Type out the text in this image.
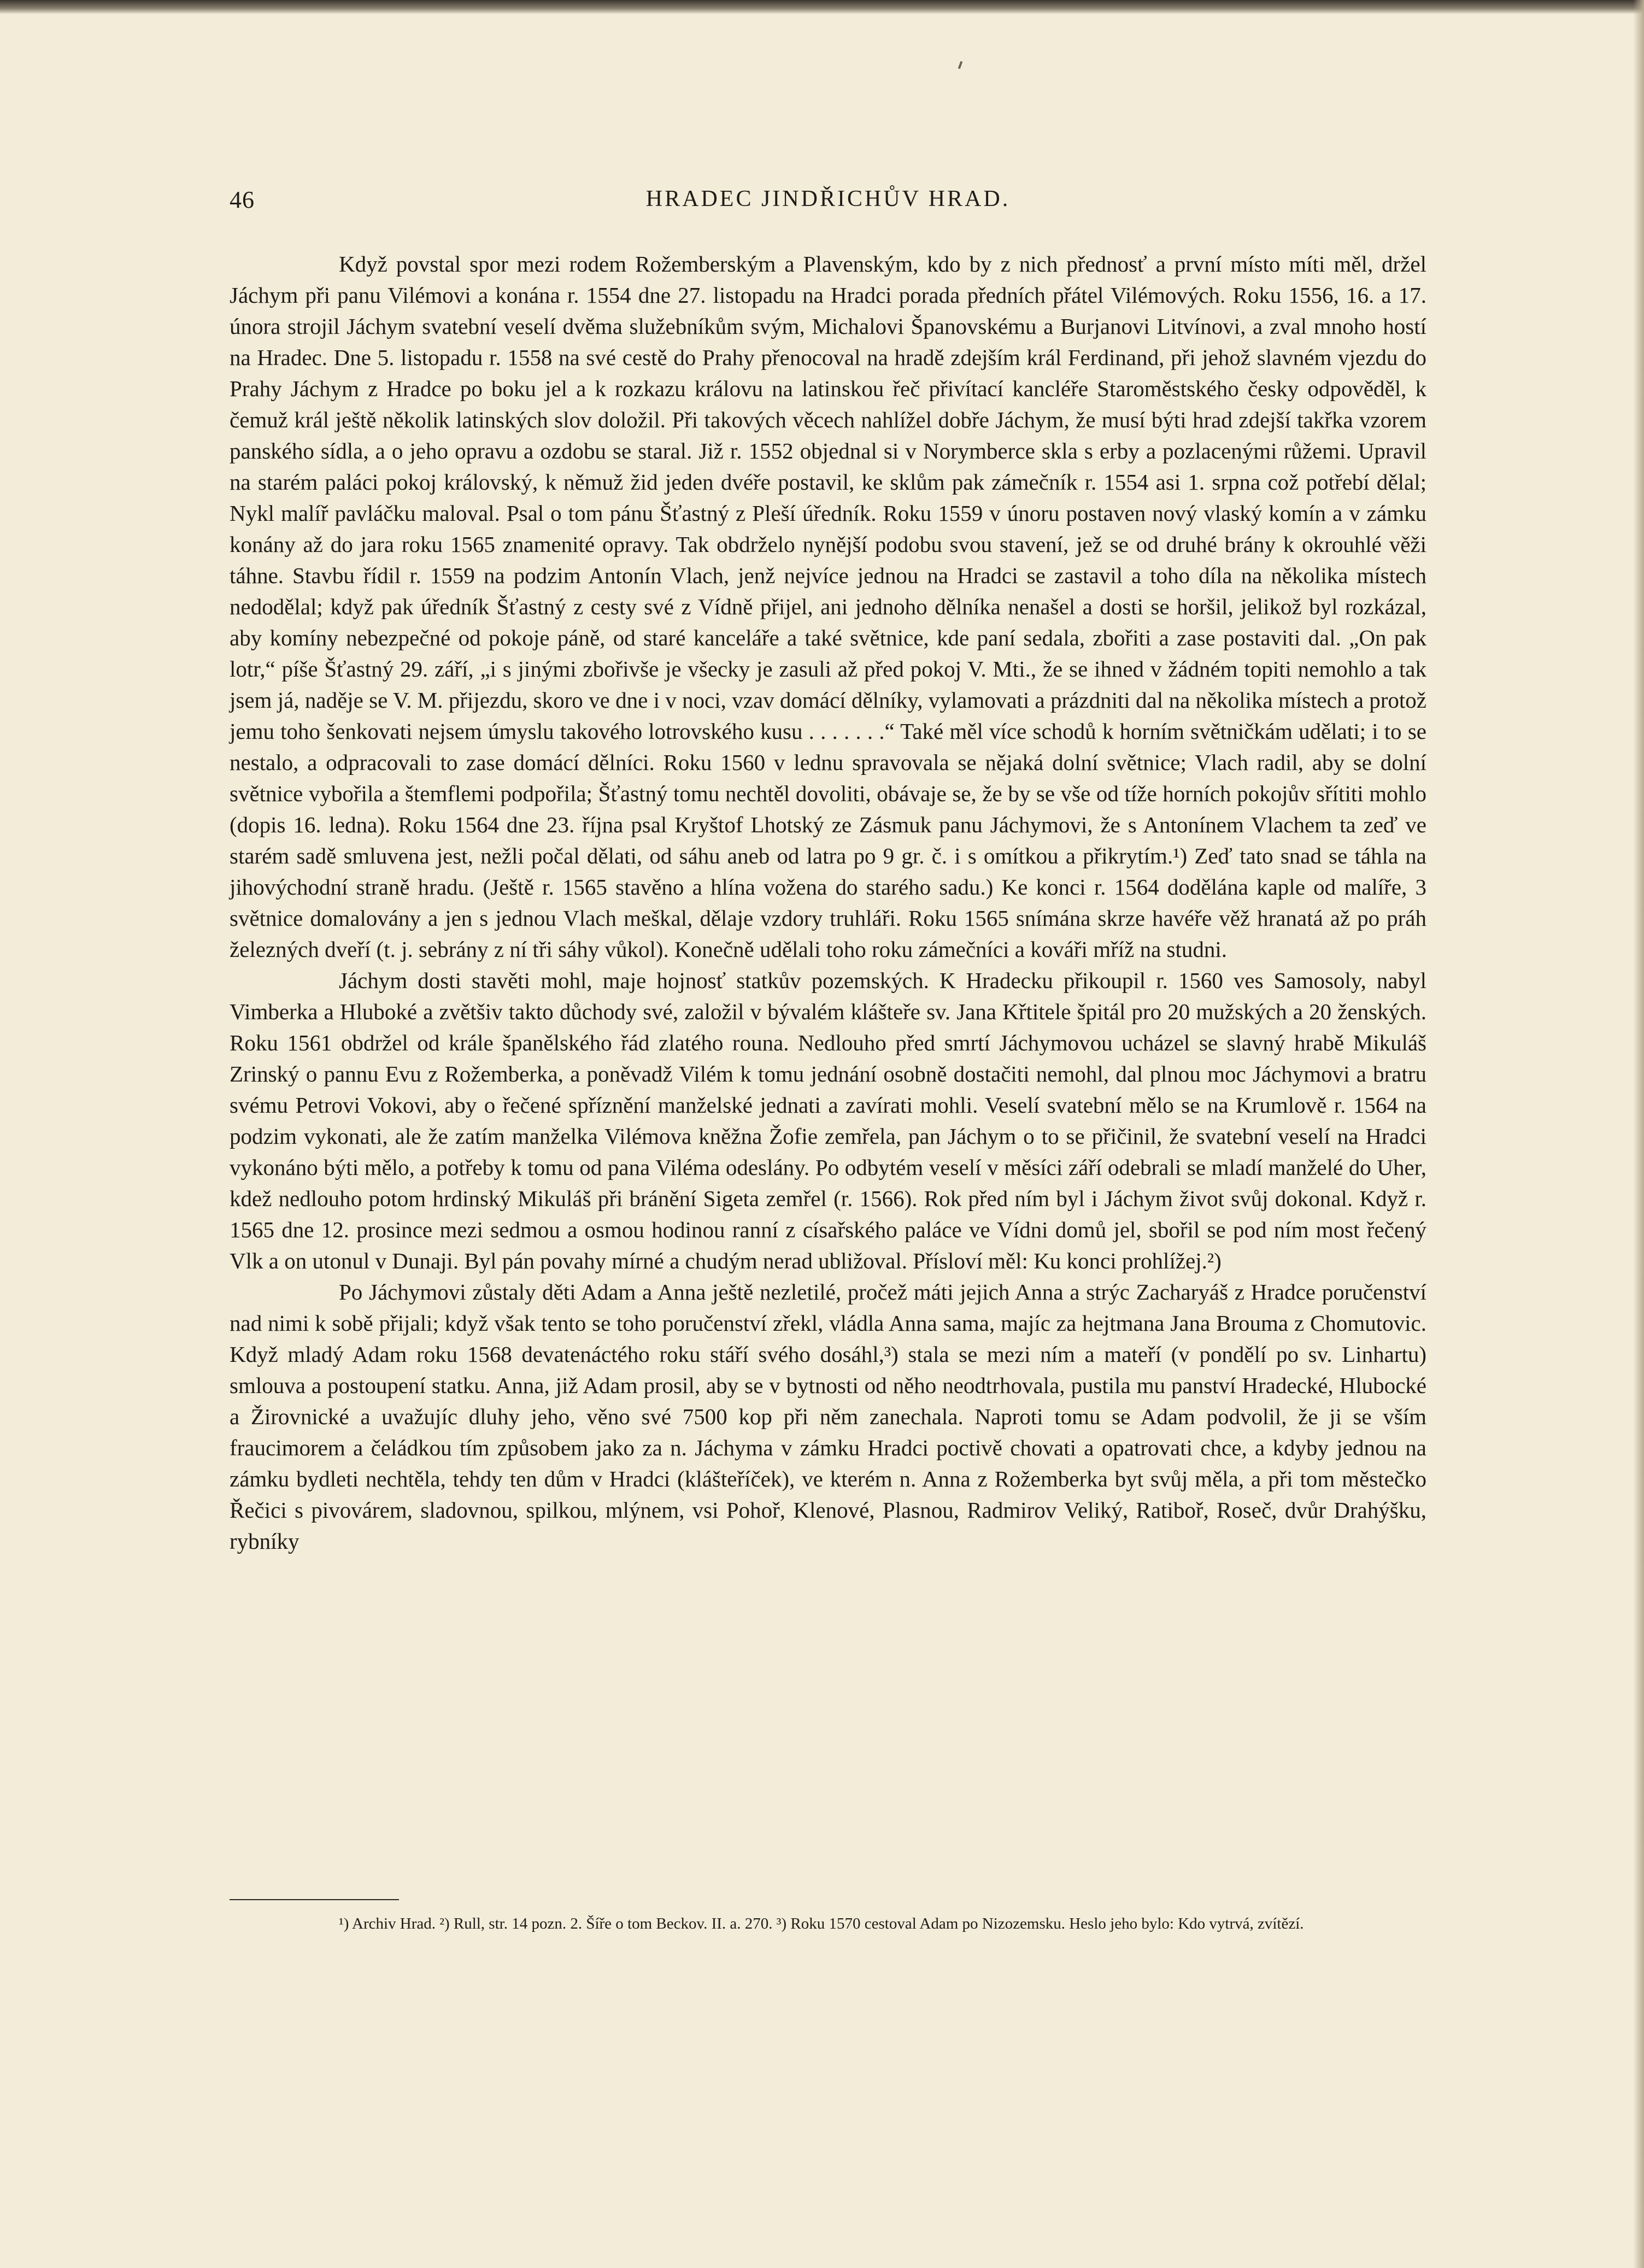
46	HRADEC JINDŘICHŮV HRAD.

Když povstal spor mezi rodem Rožemberským a Plavenským, kdo by z nich přednosť a první místo míti měl, držel Jáchym při panu Vilémovi a konána r. 1554 dne 27. listopadu na Hradci porada předních přátel Vilémových. Roku 1556, 16. a 17. února strojil Jáchym svatební veselí dvěma služebníkům svým, Michalovi Španovskému a Burjanovi Litvínovi, a zval mnoho hostí na Hradec. Dne 5. listopadu r. 1558 na své cestě do Prahy přenocoval na hradě zdejším král Ferdinand, při jehož slavném vjezdu do Prahy Jáchym z Hradce po boku jel a k rozkazu královu na latinskou řeč přivítací kancléře Staroměstského česky odpověděl, k čemuž král ještě několik latinských slov doložil. Při takových věcech nahlížel dobře Jáchym, že musí býti hrad zdejší takřka vzorem panského sídla, a o jeho opravu a ozdobu se staral. Již r. 1552 objednal si v Norymberce skla s erby a pozlacenými růžemi. Upravil na starém paláci pokoj královský, k němuž žid jeden dvéře postavil, ke sklům pak zámečník r. 1554 asi 1. srpna což potřebí dělal; Nykl malíř pavláčku maloval. Psal o tom pánu Šťastný z Pleší úředník. Roku 1559 v únoru postaven nový vlaský komín a v zámku konány až do jara roku 1565 znamenité opravy. Tak obdrželo nynější podobu svou stavení, jež se od druhé brány k okrouhlé věži táhne. Stavbu řídil r. 1559 na podzim Antonín Vlach, jenž nejvíce jednou na Hradci se zastavil a toho díla na několika místech nedodělal; když pak úředník Šťastný z cesty své z Vídně přijel, ani jednoho dělníka nenašel a dosti se horšil, jelikož byl rozkázal, aby komíny nebezpečné od pokoje páně, od staré kanceláře a také světnice, kde paní sedala, zbořiti a zase postaviti dal. „On pak lotr,“ píše Šťastný 29. září, „i s jinými zbořivše je všecky je zasuli až před pokoj V. Mti., že se ihned v žádném topiti nemohlo a tak jsem já, naděje se V. M. přijezdu, skoro ve dne i v noci, vzav domácí dělníky, vylamovati a prázdniti dal na několika místech a protož jemu toho šenkovati nejsem úmyslu takového lotrovského kusu . . . . . . .“ Také měl více schodů k horním světničkám udělati; i to se nestalo, a odpracovali to zase domácí dělníci. Roku 1560 v lednu spravovala se nějaká dolní světnice; Vlach radil, aby se dolní světnice vybořila a štemflemi podpořila; Šťastný tomu nechtěl dovoliti, obávaje se, že by se vše od tíže horních pokojův sřítiti mohlo (dopis 16. ledna). Roku 1564 dne 23. října psal Kryštof Lhotský ze Zásmuk panu Jáchymovi, že s Antonínem Vlachem ta zeď ve starém sadě smluvena jest, nežli počal dělati, od sáhu aneb od latra po 9 gr. č. i s omítkou a přikrytím.¹) Zeď tato snad se táhla na jihovýchodní straně hradu. (Ještě r. 1565 stavěno a hlína vožena do starého sadu.) Ke konci r. 1564 dodělána kaple od malíře, 3 světnice domalovány a jen s jednou Vlach meškal, dělaje vzdory truhláři. Roku 1565 snímána skrze havéře věž hranatá až po práh železných dveří (t. j. sebrány z ní tři sáhy vůkol). Konečně udělali toho roku zámečníci a kováři mříž na studni.

Jáchym dosti stavěti mohl, maje hojnosť statkův pozemských. K Hradecku přikoupil r. 1560 ves Samosoly, nabyl Vimberka a Hluboké a zvětšiv takto důchody své, založil v bývalém klášteře sv. Jana Křtitele špitál pro 20 mužských a 20 ženských. Roku 1561 obdržel od krále španělského řád zlatého rouna. Nedlouho před smrtí Jáchymovou ucházel se slavný hrabě Mikuláš Zrinský o pannu Evu z Rožemberka, a poněvadž Vilém k tomu jednání osobně dostačiti nemohl, dal plnou moc Jáchymovi a bratru svému Petrovi Vokovi, aby o řečené spříznění manželské jednati a zavírati mohli. Veselí svatební mělo se na Krumlově r. 1564 na podzim vykonati, ale že zatím manželka Vilémova kněžna Žofie zemřela, pan Jáchym o to se přičinil, že svatební veselí na Hradci vykonáno býti mělo, a potřeby k tomu od pana Viléma odeslány. Po odbytém veselí v měsíci září odebrali se mladí manželé do Uher, kdež nedlouho potom hrdinský Mikuláš při bránění Sigeta zemřel (r. 1566). Rok před ním byl i Jáchym život svůj dokonal. Když r. 1565 dne 12. prosince mezi sedmou a osmou hodinou ranní z císařského paláce ve Vídni domů jel, sbořil se pod ním most řečený Vlk a on utonul v Dunaji. Byl pán povahy mírné a chudým nerad ubližoval. Přísloví měl: Ku konci prohlížej.²)

Po Jáchymovi zůstaly děti Adam a Anna ještě nezletilé, pročež máti jejich Anna a strýc Zacharyáš z Hradce poručenství nad nimi k sobě přijali; když však tento se toho poručenství zřekl, vládla Anna sama, majíc za hejtmana Jana Brouma z Chomutovic. Když mladý Adam roku 1568 devatenáctého roku stáří svého dosáhl,³) stala se mezi ním a mateří (v pondělí po sv. Linhartu) smlouva a postoupení statku. Anna, již Adam prosil, aby se v bytnosti od něho neodtrhovala, pustila mu panství Hradecké, Hlubocké a Žirovnické a uvažujíc dluhy jeho, věno své 7500 kop při něm zanechala. Naproti tomu se Adam podvolil, že ji se vším fraucimorem a čeládkou tím způsobem jako za n. Jáchyma v zámku Hradci poctivě chovati a opatrovati chce, a kdyby jednou na zámku bydleti nechtěla, tehdy ten dům v Hradci (klášteříček), ve kterém n. Anna z Rožemberka byt svůj měla, a při tom městečko Řečici s pivovárem, sladovnou, spilkou, mlýnem, vsi Pohoř, Klenové, Plasnou, Radmirov Veliký, Ratiboř, Roseč, dvůr Drahýšku, rybníky

¹) Archiv Hrad. ²) Rull, str. 14 pozn. 2. Šíře o tom Beckov. II. a. 270. ³) Roku 1570 cestoval Adam po Nizozemsku. Heslo jeho bylo: Kdo vytrvá, zvítězí.
